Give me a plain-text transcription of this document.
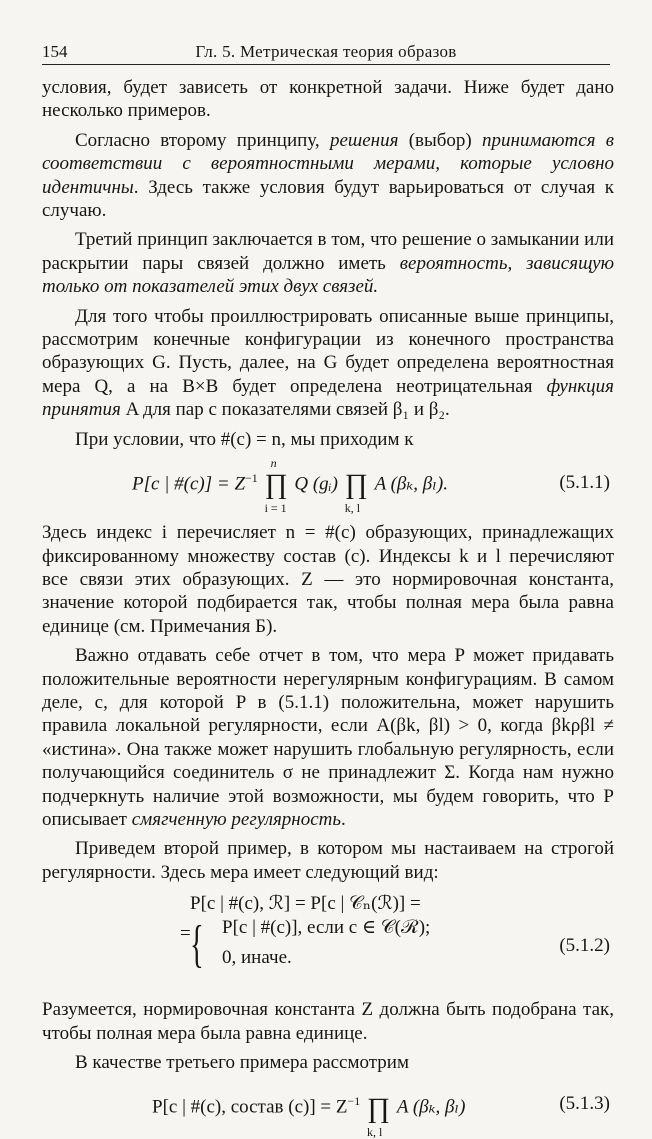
154	Гл. 5. Метрическая теория образов

условия, будет зависеть от конкретной задачи. Ниже будет дано несколько примеров.

Согласно второму принципу, решения (выбор) принимаются в соответствии с вероятностными мерами, которые условно идентичны. Здесь также условия будут варьироваться от случая к случаю.

Третий принцип заключается в том, что решение о замыкании или раскрытии пары связей должно иметь вероятность, зависящую только от показателей этих двух связей.

Для того чтобы проиллюстрировать описанные выше принципы, рассмотрим конечные конфигурации из конечного пространства образующих G. Пусть, далее, на G будет определена вероятностная мера Q, а на B×B будет определена неотрицательная функция принятия A для пар с показателями связей β₁ и β₂.

При условии, что #(c) = n, мы приходим к

P[c | #(c)] = $Z^{-1}$ ∏
n
i = 1
Q (gᵢ) ∏
k, l
A (βₖ, βₗ).	(5.1.1)

Здесь индекс i перечисляет n = #(c) образующих, принадлежащих фиксированному множеству состав (c). Индексы k и l перечисляют все связи этих образующих. Z — это нормировочная константа, значение которой подбирается так, чтобы полная мера была равна единице (см. Примечания Б).

Важно отдавать себе отчет в том, что мера P может придавать положительные вероятности нерегулярным конфигурациям. В самом деле, c, для которой P в (5.1.1) положительна, может нарушить правила локальной регулярности, если A(βk, βl) > 0, когда βkρβl ≠ «истина». Она также может нарушить глобальную регулярность, если получающийся соединитель σ не принадлежит Σ. Когда нам нужно подчеркнуть наличие этой возможности, мы будем говорить, что P описывает смягченную регулярность.

Приведем второй пример, в котором мы настаиваем на строгой регулярности. Здесь мера имеет следующий вид:

P[c | #(c), ℛ] = P[c | 𝒞ₙ(ℛ)] =
= { P[c | #(c)], если c ∈ 𝒞(ℛ);
0, иначе.
(5.1.2)

Разумеется, нормировочная константа Z должна быть подобрана так, чтобы полная мера была равна единице.

В качестве третьего примера рассмотрим

P[c | #(c), состав $(c)] = Z^{-1}$ ∏
k, l
A (βₖ, βₗ)	(5.1.3)
